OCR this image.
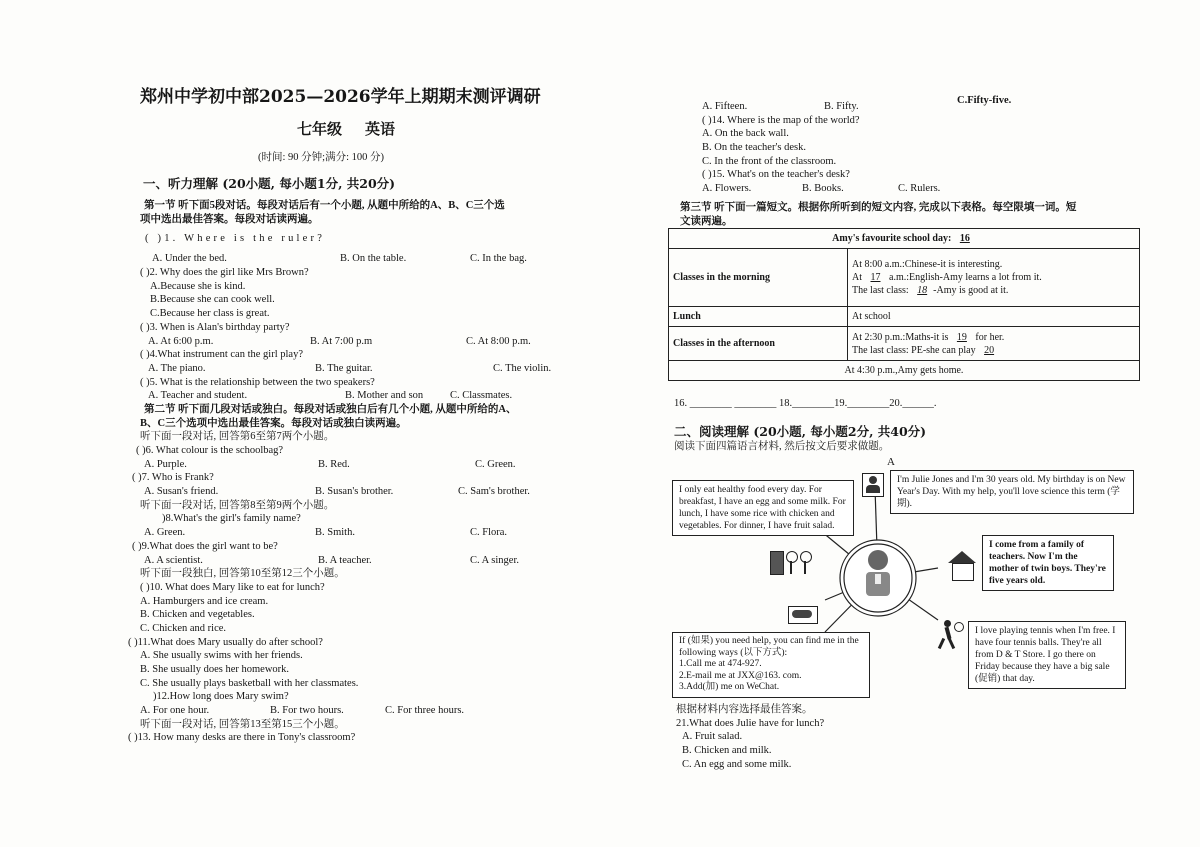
郑州中学初中部2025—2026学年上期期末测评调研
七年级 英语
(时间: 90 分钟;满分: 100 分)
一、听力理解 (20小题, 每小题1分, 共20分)
第一节 听下面5段对话。每段对话后有一个小题, 从题中所给的A、B、C三个选
项中选出最佳答案。每段对话读两遍。
( )1. Where is the ruler?
A. Under the bed.	B. On the table.	C. In the bag.
( )2. Why does the girl like Mrs Brown?
A.Because she is kind.
B.Because she can cook well.
C.Because her class is great.
( )3. When is Alan's birthday party?
A. At 6:00 p.m.	B. At 7:00 p.m	C. At 8:00 p.m.
( )4.What instrument can the girl play?
A. The piano.	B. The guitar.	C. The violin.
( )5. What is the relationship between the two speakers?
A. Teacher and student.	B. Mother and son	C. Classmates.
第二节 听下面几段对话或独白。每段对话或独白后有几个小题, 从题中所给的A、
B、C三个选项中选出最佳答案。每段对话或独白读两遍。
听下面一段对话, 回答第6至第7两个小题。
( )6. What colour is the schoolbag?
A. Purple.	B. Red.	C. Green.
( )7. Who is Frank?
A. Susan's friend.	B. Susan's brother.	C. Sam's brother.
听下面一段对话, 回答第8至第9两个小题。
)8.What's the girl's family name?
A. Green.	B. Smith.	C. Flora.
( )9.What does the girl want to be?
A. A scientist.	B. A teacher.	C. A singer.
听下面一段独白, 回答第10至第12三个小题。
( )10. What does Mary like to eat for lunch?
A. Hamburgers and ice cream.
B. Chicken and vegetables.
C. Chicken and rice.
( )11.What does Mary usually do after school?
A. She usually swims with her friends.
B. She usually does her homework.
C. She usually plays basketball with her classmates.
)12.How long does Mary swim?
A. For one hour.	B. For two hours.	C. For three hours.
听下面一段对话, 回答第13至第15三个小题。
( )13. How many desks are there in Tony's classroom?
A. Fifteen.	B. Fifty.
C.Fifty-five.
( )14. Where is the map of the world?
A. On the back wall.
B. On the teacher's desk.
C. In the front of the classroom.
( )15. What's on the teacher's desk?
A. Flowers.	B. Books.	C. Rulers.
第三节 听下面一篇短文。根据你所听到的短文内容, 完成以下表格。每空限填一词。短
文读两遍。
Amy's favourite school day: 16	
Classes in the morning	At 8:00 a.m.:Chinese-it is interesting.
At 17 a.m.:English-Amy learns a lot from it.
The last class: 18 -Amy is good at it.

Lunch	At school
Classes in the afternoon	At 2:30 p.m.:Maths-it is 19 for her.
The last class: PE-she can play 20

At 4:30 p.m.,Amy gets home.	
16. ________ ________ 18.________19.________20.______.
二、阅读理解 (20小题, 每小题2分, 共40分)
阅读下面四篇语言材料, 然后按文后要求做题。
A
I only eat healthy food every day. For breakfast, I have an egg and some milk. For lunch, I have some rice with chicken and vegetables. For dinner, I have fruit salad.
I'm Julie Jones and I'm 30 years old. My birthday is on New Year's Day. With my help, you'll love science this term (学期).
I come from a family of teachers. Now I'm the mother of twin boys. They're five years old.
If (如果) you need help, you can find me in the
following ways (以下方式):
1.Call me at 474-927.
2.E-mail me at JXX@163. com.
3.Add(加) me on WeChat.
I love playing tennis when I'm free. I have four tennis balls. They're all from D & T Store. I go there on Friday because they have a big sale (促销) that day.
根据材料内容选择最佳答案。
21.What does Julie have for lunch?
A. Fruit salad.
B. Chicken and milk.
C. An egg and some milk.
